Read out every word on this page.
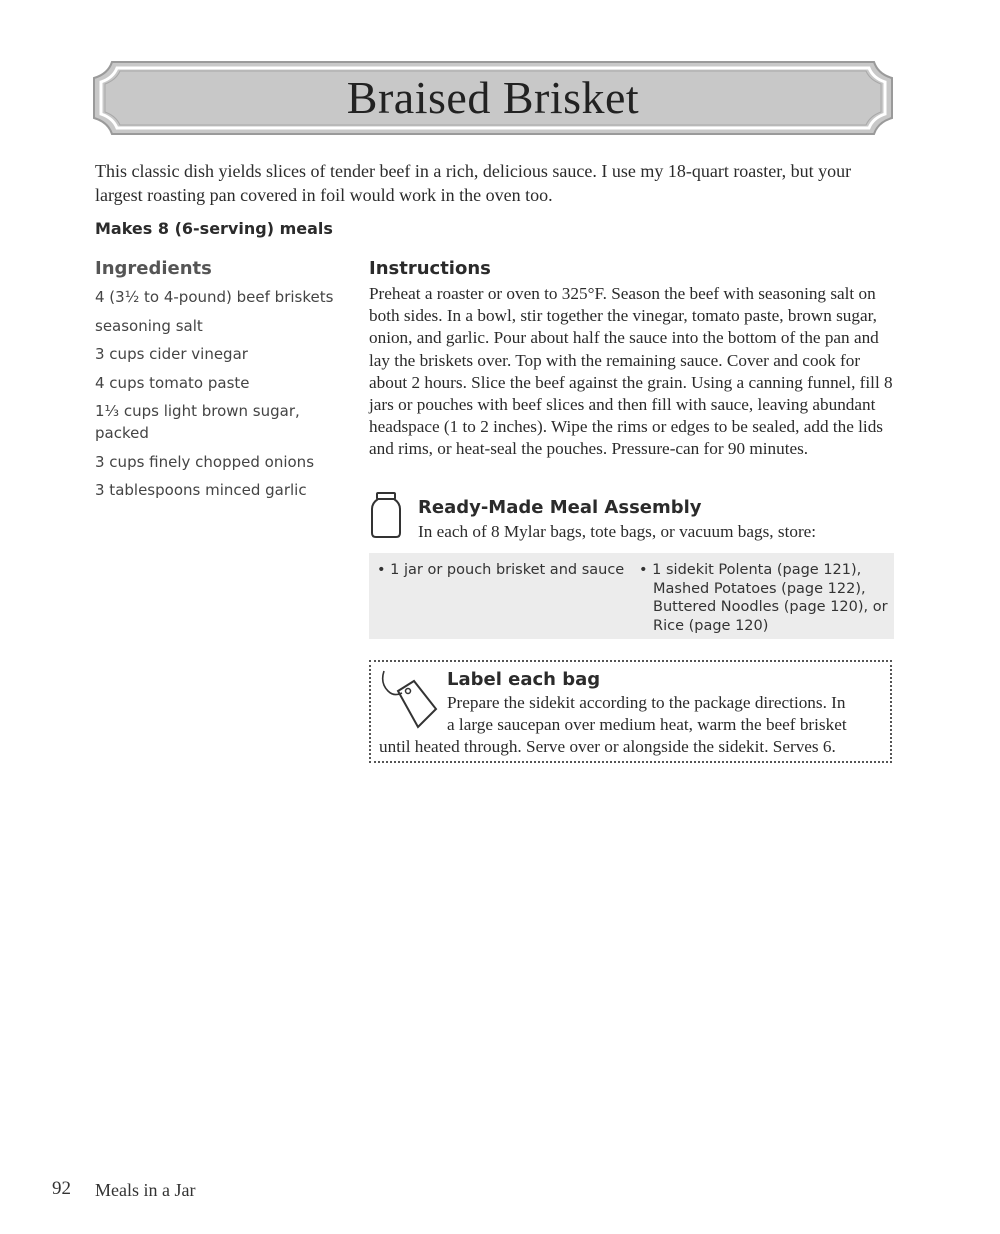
Braised Brisket
This classic dish yields slices of tender beef in a rich, delicious sauce. I use my 18-quart roaster, but your largest roasting pan covered in foil would work in the oven too.
Makes 8 (6-serving) meals
Ingredients
4 (3½ to 4-pound) beef briskets
seasoning salt
3 cups cider vinegar
4 cups tomato paste
1⅓ cups light brown sugar, packed
3 cups finely chopped onions
3 tablespoons minced garlic
Instructions
Preheat a roaster or oven to 325°F. Season the beef with seasoning salt on both sides. In a bowl, stir together the vinegar, tomato paste, brown sugar, onion, and garlic. Pour about half the sauce into the bottom of the pan and lay the briskets over. Top with the remaining sauce. Cover and cook for about 2 hours. Slice the beef against the grain. Using a canning funnel, fill 8 jars or pouches with beef slices and then fill with sauce, leaving abundant headspace (1 to 2 inches). Wipe the rims or edges to be sealed, add the lids and rims, or heat-seal the pouches. Pressure-can for 90 minutes.
Ready-Made Meal Assembly
In each of 8 Mylar bags, tote bags, or vacuum bags, store:
• 1 jar or pouch brisket and sauce • 1 sidekit Polenta (page 121), Mashed Potatoes (page 122), Buttered Noodles (page 120), or Rice (page 120)
Label each bag
Prepare the sidekit according to the package directions. In
a large saucepan over medium heat, warm the beef brisket
until heated through. Serve over or alongside the sidekit. Serves 6.
92 Meals in a Jar
